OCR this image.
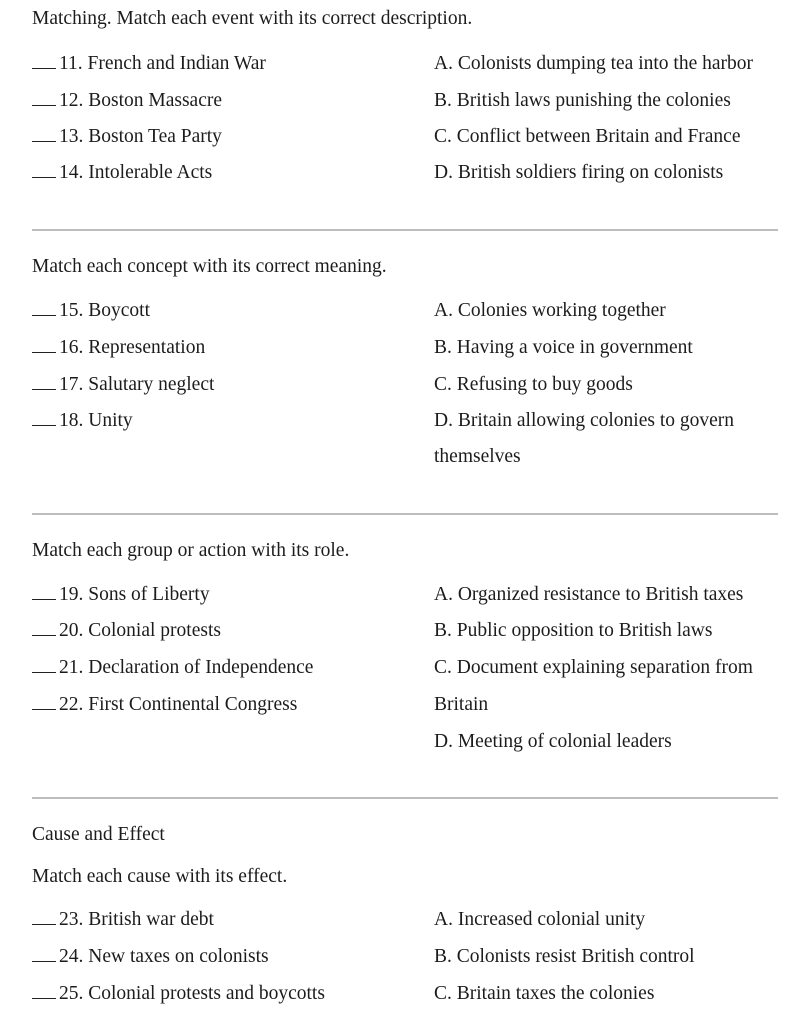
Matching. Match each event with its correct description.
11. French and Indian War
12. Boston Massacre
13. Boston Tea Party
14. Intolerable Acts
A. Colonists dumping tea into the harbor
B. British laws punishing the colonies
C. Conflict between Britain and France
D. British soldiers firing on colonists
Match each concept with its correct meaning.
15. Boycott
16. Representation
17. Salutary neglect
18. Unity
A. Colonies working together
B. Having a voice in government
C. Refusing to buy goods
D. Britain allowing colonies to govern
themselves
Match each group or action with its role.
19. Sons of Liberty
20. Colonial protests
21. Declaration of Independence
22. First Continental Congress
A. Organized resistance to British taxes
B. Public opposition to British laws
C. Document explaining separation from
Britain
D. Meeting of colonial leaders
Cause and Effect
Match each cause with its effect.
23. British war debt
24. New taxes on colonists
25. Colonial protests and boycotts
A. Increased colonial unity
B. Colonists resist British control
C. Britain taxes the colonies
